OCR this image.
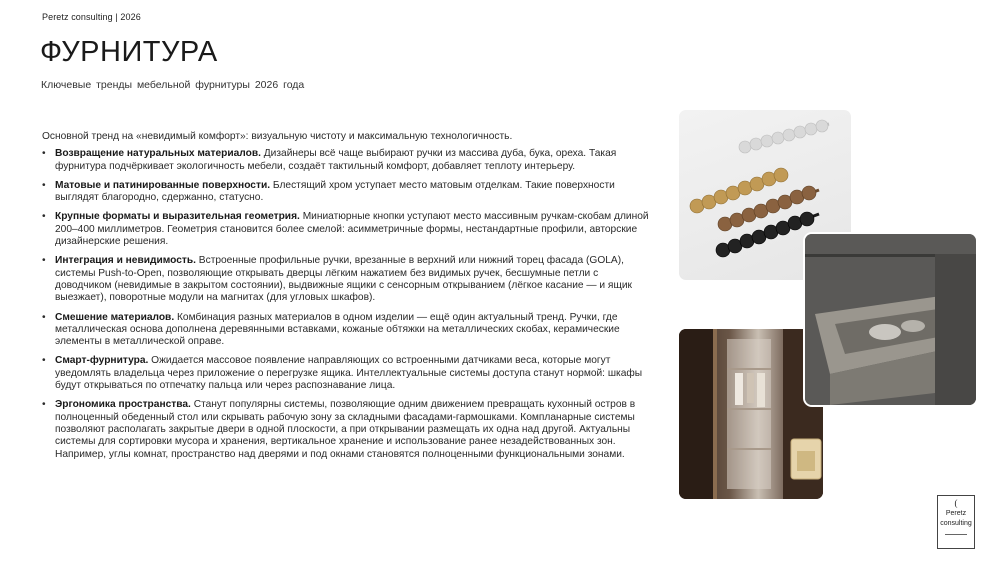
Peretz consulting | 2026
ФУРНИТУРА
Ключевые тренды мебельной фурнитуры 2026 года

Основной тренд на «невидимый комфорт»: визуальную чистоту и максимальную технологичность.

• Возвращение натуральных материалов. Дизайнеры всё чаще выбирают ручки из массива дуба, бука, ореха. Такая фурнитура подчёркивает экологичность мебели, создаёт тактильный комфорт, добавляет теплоту интерьеру.
• Матовые и патинированные поверхности. Блестящий хром уступает место матовым отделкам. Такие поверхности выглядят благородно, сдержанно, статусно.
• Крупные форматы и выразительная геометрия. Миниатюрные кнопки уступают место массивным ручкам-скобам длиной 200–400 миллиметров. Геометрия становится более смелой: асимметричные формы, нестандартные профили, авторские дизайнерские решения.
• Интеграция и невидимость. Встроенные профильные ручки, врезанные в верхний или нижний торец фасада (GOLA), системы Push-to-Open, позволяющие открывать дверцы лёгким нажатием без видимых ручек, бесшумные петли с доводчиком (невидимые в закрытом состоянии), выдвижные ящики с сенсорным открыванием (лёгкое касание — и ящик выезжает), поворотные модули на магнитах (для угловых шкафов).
• Смешение материалов. Комбинация разных материалов в одном изделии — ещё один актуальный тренд. Ручки, где металлическая основа дополнена деревянными вставками, кожаные обтяжки на металлических скобах, керамические элементы в металлической оправе.
• Смарт-фурнитура. Ожидается массовое появление направляющих со встроенными датчиками веса, которые могут уведомлять владельца через приложение о перегрузке ящика. Интеллектуальные системы доступа станут нормой: шкафы будут открываться по отпечатку пальца или через распознавание лица.
• Эргономика пространства. Станут популярны системы, позволяющие одним движением превращать кухонный остров в полноценный обеденный стол или скрывать рабочую зону за складными фасадами-гармошками. Компланарные системы позволяют располагать закрытые двери в одной плоскости, а при открывании размещать их одна над другой. Актуальны системы для сортировки мусора и хранения, вертикальное хранение и использование ранее незадействованных зон. Например, углы комнат, пространство над дверями и под окнами становятся полноценными функциональными зонами.
(
Peretz
consulting
